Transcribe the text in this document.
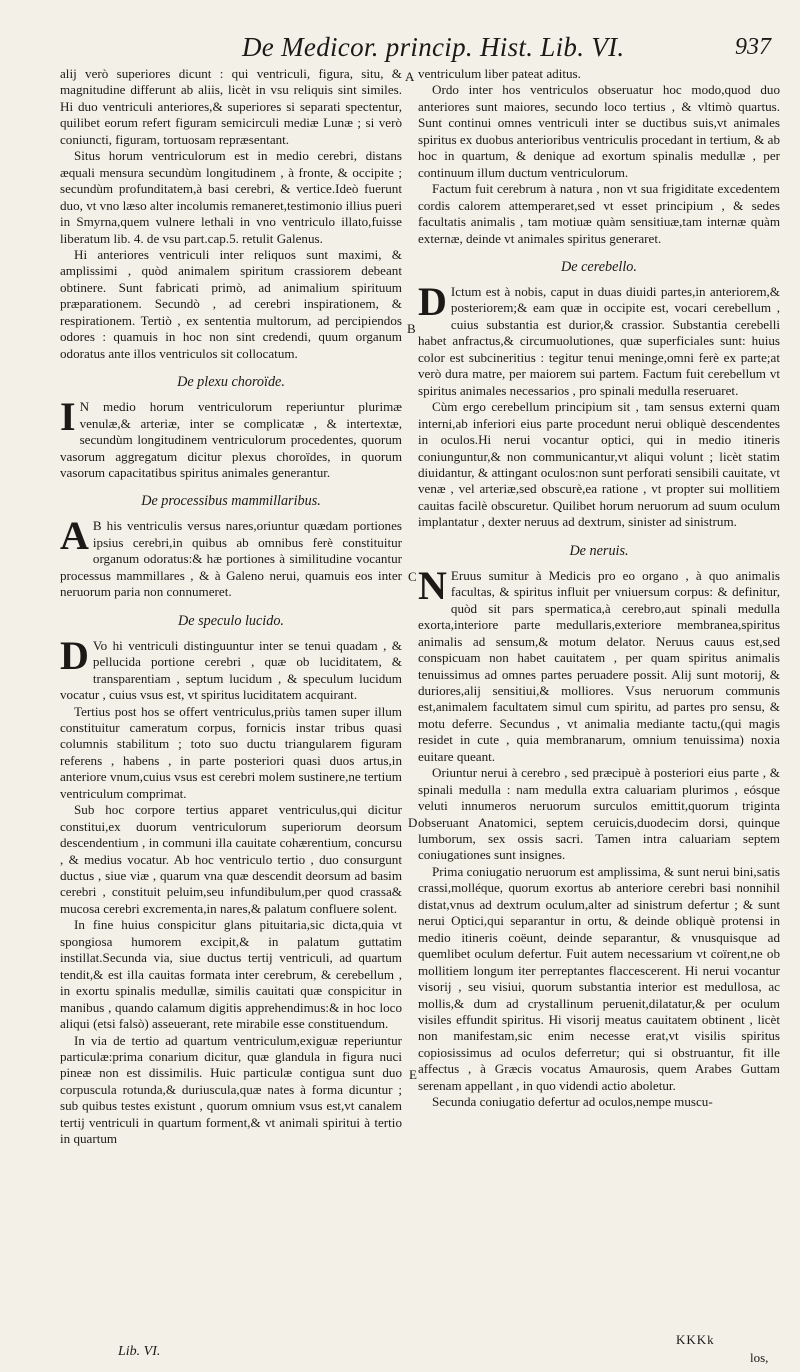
De Medicor. princip. Hist. Lib. VI.	937

alij verò superiores dicunt : qui ventriculi, figura, situ, & magnitudine differunt ab aliis, licèt in vsu reliquis sint similes. Hi duo ventriculi anteriores,& superiores si separati spectentur, quilibet eorum refert figuram semicirculi mediæ Lunæ ; si verò coniuncti, figuram, tortuosam repræsentant.

Situs horum ventriculorum est in medio cerebri, distans æquali mensura secundùm longitudinem , à fronte, & occipite ; secundùm profunditatem,à basi cerebri, & vertice.Ideò fuerunt duo, vt vno læso alter incolumis remaneret,testimonio illius pueri in Smyrna,quem vulnere lethali in vno ventriculo illato,fuisse liberatum lib. 4. de vsu part.cap.5. retulit Galenus.

Hi anteriores ventriculi inter reliquos sunt maximi, & amplissimi , quòd animalem spiritum crassiorem debeant obtinere. Sunt fabricati primò, ad animalium spirituum præparationem. Secundò , ad cerebri inspirationem, & respirationem. Tertiò , ex sententia multorum, ad percipiendos odores : quamuis in hoc non sint credendi, quum organum odoratus ante illos ventriculos sit collocatum.

De plexu choroïde.

I N medio horum ventriculorum reperiuntur plurimæ venulæ,& arteriæ, inter se complicatæ , & intertextæ, secundùm longitudinem ventriculorum procedentes, quorum vasorum aggregatum dicitur plexus choroïdes, in quorum vasorum capacitatibus spiritus animales generantur.

De processibus mammillaribus.

A B his ventriculis versus nares,oriuntur quædam portiones ipsius cerebri,in quibus ab omnibus ferè constituitur organum odoratus:& hæ portiones à similitudine vocantur processus mammillares , & à Galeno nerui, quamuis eos inter neruorum paria non connumeret.

De speculo lucido.

D Vo hi ventriculi distinguuntur inter se tenui quadam , & pellucida portione cerebri , quæ ob luciditatem, & transparentiam , septum lucidum , & speculum lucidum vocatur , cuius vsus est, vt spiritus luciditatem acquirant.

Tertius post hos se offert ventriculus,priùs tamen super illum constituitur cameratum corpus, fornicis instar tribus quasi columnis stabilitum ; toto suo ductu triangularem figuram referens , habens , in parte posteriori quasi duos artus,in anteriore vnum,cuius vsus est cerebri molem sustinere,ne tertium ventriculum comprimat.

Sub hoc corpore tertius apparet ventriculus,qui dicitur constitui,ex duorum ventriculorum superiorum deorsum descendentium , in communi illa cauitate cohærentium, concursu , & medius vocatur. Ab hoc ventriculo tertio , duo consurgunt ductus , siue viæ , quarum vna quæ descendit deorsum ad basim cerebri , constituit peluim,seu infundibulum,per quod crassa& mucosa cerebri excrementa,in nares,& palatum confluere solent.

In fine huius conspicitur glans pituitaria,sic dicta,quia vt spongiosa humorem excipit,& in palatum guttatim instillat.Secunda via, siue ductus tertij ventriculi, ad quartum tendit,& est illa cauitas formata inter cerebrum, & cerebellum , in exortu spinalis medullæ, similis cauitati quæ conspicitur in manibus , quando calamum digitis apprehendimus:& in hoc loco aliqui (etsi falsò) asseuerant, rete mirabile esse constituendum.

In via de tertio ad quartum ventriculum,exiguæ reperiuntur particulæ:prima conarium dicitur, quæ glandula in figura nuci pineæ non est dissimilis. Huic particulæ contigua sunt duo corpuscula rotunda,& duriuscula,quæ nates à forma dicuntur ; sub quibus testes existunt , quorum omnium vsus est,vt canalem tertij ventriculi in quartum forment,& vt animali spiritui à tertio in quartum

ventriculum liber pateat aditus.

Ordo inter hos ventriculos obseruatur hoc modo,quod duo anteriores sunt maiores, secundo loco tertius , & vltimò quartus. Sunt continui omnes ventriculi inter se ductibus suis,vt animales spiritus ex duobus anterioribus ventriculis procedant in tertium, & ab hoc in quartum, & denique ad exortum spinalis medullæ , per continuum illum ductum ventriculorum.

Factum fuit cerebrum à natura , non vt sua frigiditate excedentem cordis calorem attemperaret,sed vt esset principium , & sedes facultatis animalis , tam motiuæ quàm sensitiuæ,tam internæ quàm externæ, deinde vt animales spiritus generaret.

De cerebello.

D Ictum est à nobis, caput in duas diuidi partes,in anteriorem,& posteriorem;& eam quæ in occipite est, vocari cerebellum , cuius substantia est durior,& crassior. Substantia cerebelli habet anfractus,& circumuolutiones, quæ superficiales sunt: huius color est subcineritius : tegitur tenui meninge,omni ferè ex parte;at verò dura matre, per maiorem sui partem. Factum fuit cerebellum vt spiritus animales necessarios , pro spinali medulla reseruaret.

Cùm ergo cerebellum principium sit , tam sensus externi quam interni,ab inferiori eius parte procedunt nerui obliquè descendentes in oculos.Hi nerui vocantur optici, qui in medio itineris coniunguntur,& non communicantur,vt aliqui volunt ; licèt statim diuidantur, & attingant oculos:non sunt perforati sensibili cauitate, vt venæ , vel arteriæ,sed obscurè,ea ratione , vt propter sui mollitiem cauitas facilè obscuretur. Quilibet horum neruorum ad suum oculum implantatur , dexter neruus ad dextrum, sinister ad sinistrum.

De neruis.

N Eruus sumitur à Medicis pro eo organo , à quo animalis facultas, & spiritus influit per vniuersum corpus: & definitur, quòd sit pars spermatica,à cerebro,aut spinali medulla exorta,interiore parte medullaris,exteriore membranea,spiritus animalis ad sensum,& motum delator. Neruus cauus est,sed conspicuam non habet cauitatem , per quam spiritus animalis tenuissimus ad omnes partes peruadere possit. Alij sunt motorij, & duriores,alij sensitiui,& molliores. Vsus neruorum communis est,animalem facultatem simul cum spiritu, ad partes pro sensu, & motu deferre. Secundus , vt animalia mediante tactu,(qui magis residet in cute , quia membranarum, omnium tenuissima) noxia euitare queant.

Oriuntur nerui à cerebro , sed præcipuè à posteriori eius parte , & spinali medulla : nam medulla extra caluariam plurimos , eósque veluti innumeros neruorum surculos emittit,quorum triginta obseruant Anatomici, septem ceruicis,duodecim dorsi, quinque lumborum, sex ossis sacri. Tamen intra caluariam septem coniugationes sunt insignes.

Prima coniugatio neruorum est amplissima, & sunt nerui bini,satis crassi,molléque, quorum exortus ab anteriore cerebri basi nonnihil distat,vnus ad dextrum oculum,alter ad sinistrum defertur ; & sunt nerui Optici,qui separantur in ortu, & deinde obliquè protensi in medio itineris coëunt, deinde separantur, & vnusquisque ad quemlibet oculum defertur. Fuit autem necessarium vt coïrent,ne ob mollitiem longum iter perreptantes flaccescerent. Hi nerui vocantur visorij , seu visiui, quorum substantia interior est medullosa, ac mollis,& dum ad crystallinum peruenit,dilatatur,& per oculum visiles effundit spiritus. Hi visorij meatus cauitatem obtinent , licèt non manifestam,sic enim necesse erat,vt visilis spiritus copiosissimus ad oculos deferretur; qui si obstruantur, fit ille affectus , à Græcis vocatus Amaurosis, quem Arabes Guttam serenam appellant , in quo videndi actio aboletur.

Secunda coniugatio defertur ad oculos,nempe muscu-

A
B
C
D
E
Lib. VI.
KKKk
los,
